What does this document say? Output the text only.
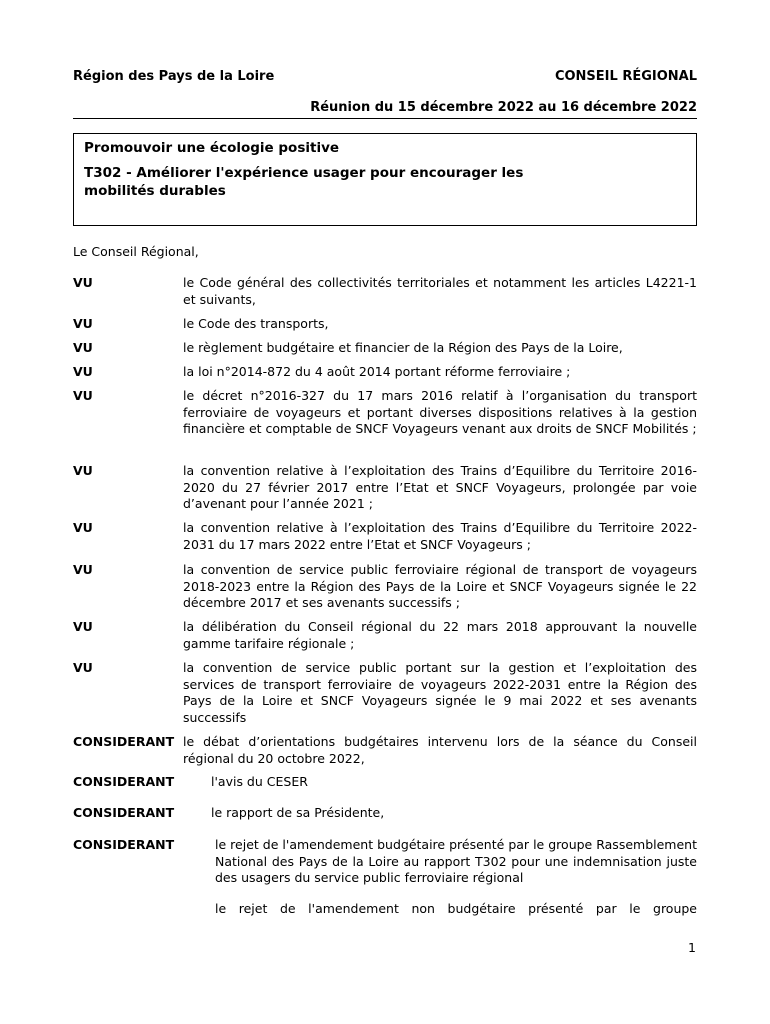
Région des Pays de la Loire	CONSEIL RÉGIONAL
Réunion du 15 décembre 2022 au 16 décembre 2022
Promouvoir une écologie positive
T302 - Améliorer l'expérience usager pour encourager les mobilités durables
Le Conseil Régional,
VU	le Code général des collectivités territoriales et notamment les articles L4221-1 et suivants,
VU	le Code des transports,
VU	le règlement budgétaire et financier de la Région des Pays de la Loire,
VU	la loi n°2014-872 du 4 août 2014 portant réforme ferroviaire ;
VU	le décret n°2016-327 du 17 mars 2016 relatif à l’organisation du transport ferroviaire de voyageurs et portant diverses dispositions relatives à la gestion financière et comptable de SNCF Voyageurs venant aux droits de SNCF Mobilités ;
VU	la convention relative à l’exploitation des Trains d’Equilibre du Territoire 2016-2020 du 27 février 2017 entre l’Etat et SNCF Voyageurs, prolongée par voie d’avenant pour l’année 2021 ;
VU	la convention relative à l’exploitation des Trains d’Equilibre du Territoire 2022-2031 du 17 mars 2022 entre l’Etat et SNCF Voyageurs ;
VU	la convention de service public ferroviaire régional de transport de voyageurs 2018-2023 entre la Région des Pays de la Loire et SNCF Voyageurs signée le 22 décembre 2017 et ses avenants successifs ;
VU	la délibération du Conseil régional du 22 mars 2018 approuvant la nouvelle gamme tarifaire régionale ;
VU	la convention de service public portant sur la gestion et l’exploitation des services de transport ferroviaire de voyageurs 2022-2031 entre la Région des Pays de la Loire et SNCF Voyageurs signée le 9 mai 2022 et ses avenants successifs
CONSIDERANT le débat d’orientations budgétaires intervenu lors de la séance du Conseil régional du 20 octobre 2022,
CONSIDERANT	l'avis du CESER
CONSIDERANT	le rapport de sa Présidente,
CONSIDERANT	le rejet de l'amendement budgétaire présenté par le groupe Rassemblement National des Pays de la Loire au rapport T302 pour une indemnisation juste des usagers du service public ferroviaire régional
le rejet de l'amendement non budgétaire présenté par le groupe
1
